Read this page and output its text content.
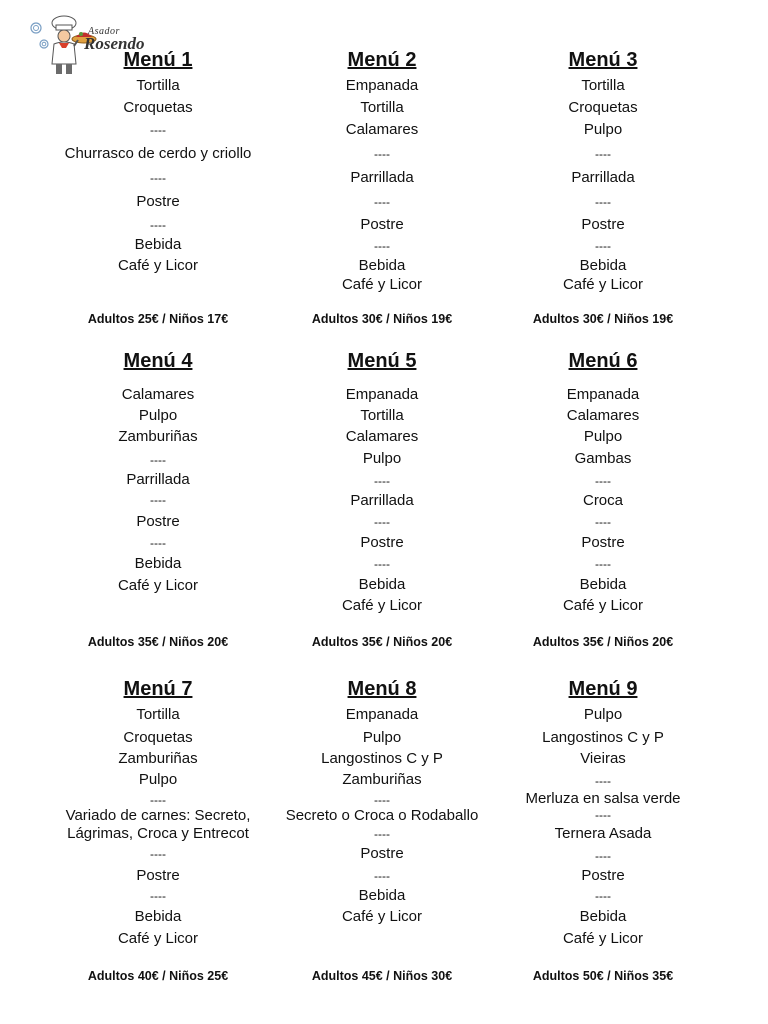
Asador
Rosendo
Menú 1
Tortilla
Croquetas
----
Churrasco de cerdo y criollo
----
Postre
----
Bebida
Café y Licor
Adultos 25€ / Niños 17€
Menú 2
Empanada
Tortilla
Calamares
----
Parrillada
----
Postre
----
Bebida
Café y Licor
Adultos 30€ / Niños 19€
Menú 3
Tortilla
Croquetas
Pulpo
----
Parrillada
----
Postre
----
Bebida
Café y Licor
Adultos 30€ / Niños 19€
Menú 4
Calamares
Pulpo
Zamburiñas
----
Parrillada
----
Postre
----
Bebida
Café y Licor
Adultos 35€ / Niños 20€
Menú 5
Empanada
Tortilla
Calamares
Pulpo
----
Parrillada
----
Postre
----
Bebida
Café y Licor
Adultos 35€ / Niños 20€
Menú 6
Empanada
Calamares
Pulpo
Gambas
----
Croca
----
Postre
----
Bebida
Café y Licor
Adultos 35€ / Niños 20€
Menú 7
Tortilla
Croquetas
Zamburiñas
Pulpo
----
Variado de carnes: Secreto,
Lágrimas, Croca y Entrecot
----
Postre
----
Bebida
Café y Licor
Adultos 40€ / Niños 25€
Menú 8
Empanada
Pulpo
Langostinos C y P
Zamburiñas
----
Secreto o Croca o Rodaballo
----
Postre
----
Bebida
Café y Licor
Adultos 45€ / Niños 30€
Menú 9
Pulpo
Langostinos C y P
Vieiras
----
Merluza en salsa verde
----
Ternera Asada
----
Postre
----
Bebida
Café y Licor
Adultos 50€ / Niños 35€
